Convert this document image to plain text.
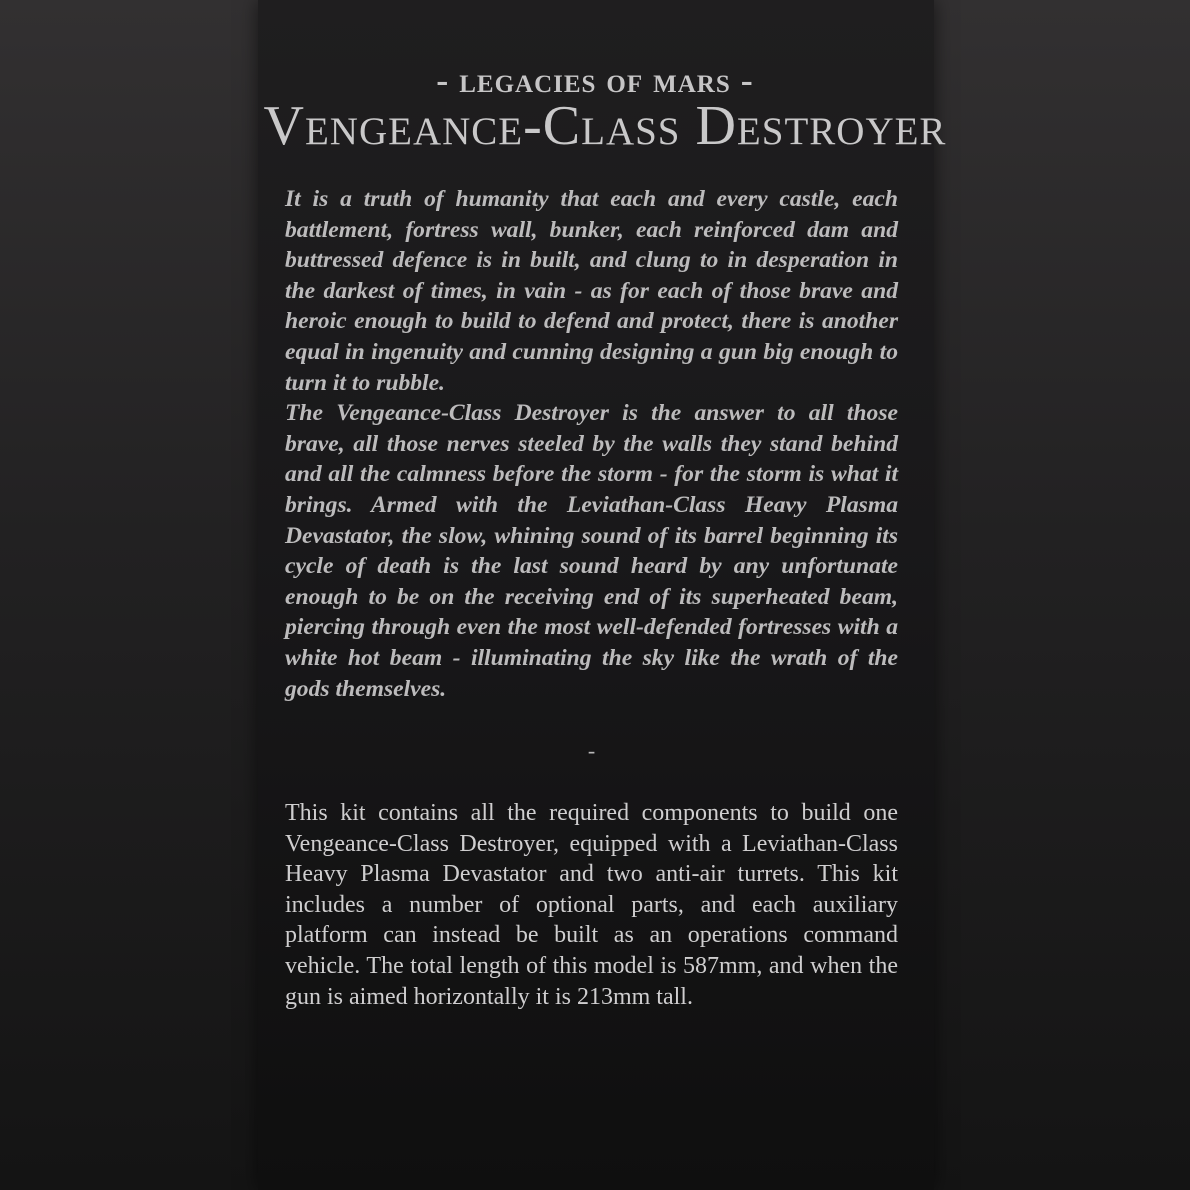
- legacies of mars -
Vengeance-Class Destroyer

It is a truth of humanity that each and every castle, each battlement, fortress wall, bunker, each reinforced dam and buttressed defence is in built, and clung to in desperation in the darkest of times, in vain - as for each of those brave and heroic enough to build to defend and protect, there is another equal in ingenuity and cunning designing a gun big enough to turn it to rubble.

The Vengeance-Class Destroyer is the answer to all those brave, all those nerves steeled by the walls they stand behind and all the calmness before the storm - for the storm is what it brings. Armed with the Leviathan-Class Heavy Plasma Devastator, the slow, whining sound of its barrel beginning its cycle of death is the last sound heard by any unfortunate enough to be on the receiving end of its superheated beam, piercing through even the most well-defended fortresses with a white hot beam - illuminating the sky like the wrath of the gods themselves.

-

This kit contains all the required components to build one Vengeance-Class Destroyer, equipped with a Leviathan-Class Heavy Plasma Devastator and two anti-air turrets. This kit includes a number of optional parts, and each auxiliary platform can instead be built as an operations command vehicle. The total length of this model is 587mm, and when the gun is aimed horizontally it is 213mm tall.
